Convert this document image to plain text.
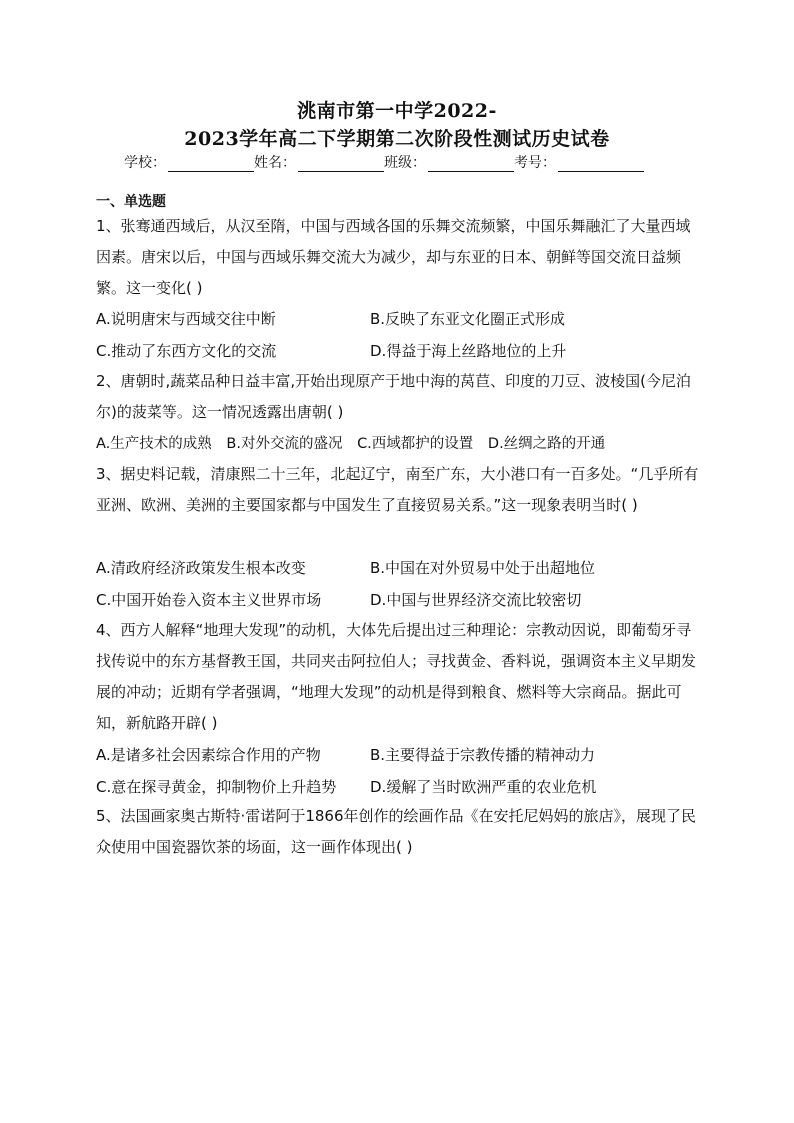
洮南市第一中学2022-
2023学年高二下学期第二次阶段性测试历史试卷
学校：	姓名：	班级：	考号：
一、单选题
1、张骞通西域后，从汉至隋，中国与西域各国的乐舞交流频繁，中国乐舞融汇了大量西域因素。唐宋以后，中国与西域乐舞交流大为减少，却与东亚的日本、朝鲜等国交流日益频繁。这一变化( )
A.说明唐宋与西域交往中断	B.反映了东亚文化圈正式形成
C.推动了东西方文化的交流	D.得益于海上丝路地位的上升
2、唐朝时,蔬菜品种日益丰富,开始出现原产于地中海的莴苣、印度的刀豆、波棱国(今尼泊尔)的菠菜等。这一情况透露出唐朝( )
A.生产技术的成熟 B.对外交流的盛况 C.西域都护的设置 D.丝绸之路的开通
3、据史料记载，清康熙二十三年，北起辽宁，南至广东，大小港口有一百多处。“几乎所有亚洲、欧洲、美洲的主要国家都与中国发生了直接贸易关系。”这一现象表明当时( )
A.清政府经济政策发生根本改变	B.中国在对外贸易中处于出超地位
C.中国开始卷入资本主义世界市场	D.中国与世界经济交流比较密切
4、西方人解释“地理大发现”的动机，大体先后提出过三种理论：宗教动因说，即葡萄牙寻找传说中的东方基督教王国，共同夹击阿拉伯人；寻找黄金、香料说，强调资本主义早期发展的冲动；近期有学者强调，“地理大发现”的动机是得到粮食、燃料等大宗商品。据此可知，新航路开辟( )
A.是诸多社会因素综合作用的产物	B.主要得益于宗教传播的精神动力
C.意在探寻黄金，抑制物价上升趋势 D.缓解了当时欧洲严重的农业危机
5、法国画家奥古斯特·雷诺阿于1866年创作的绘画作品《在安托尼妈妈的旅店》，展现了民众使用中国瓷器饮茶的场面，这一画作体现出( )
